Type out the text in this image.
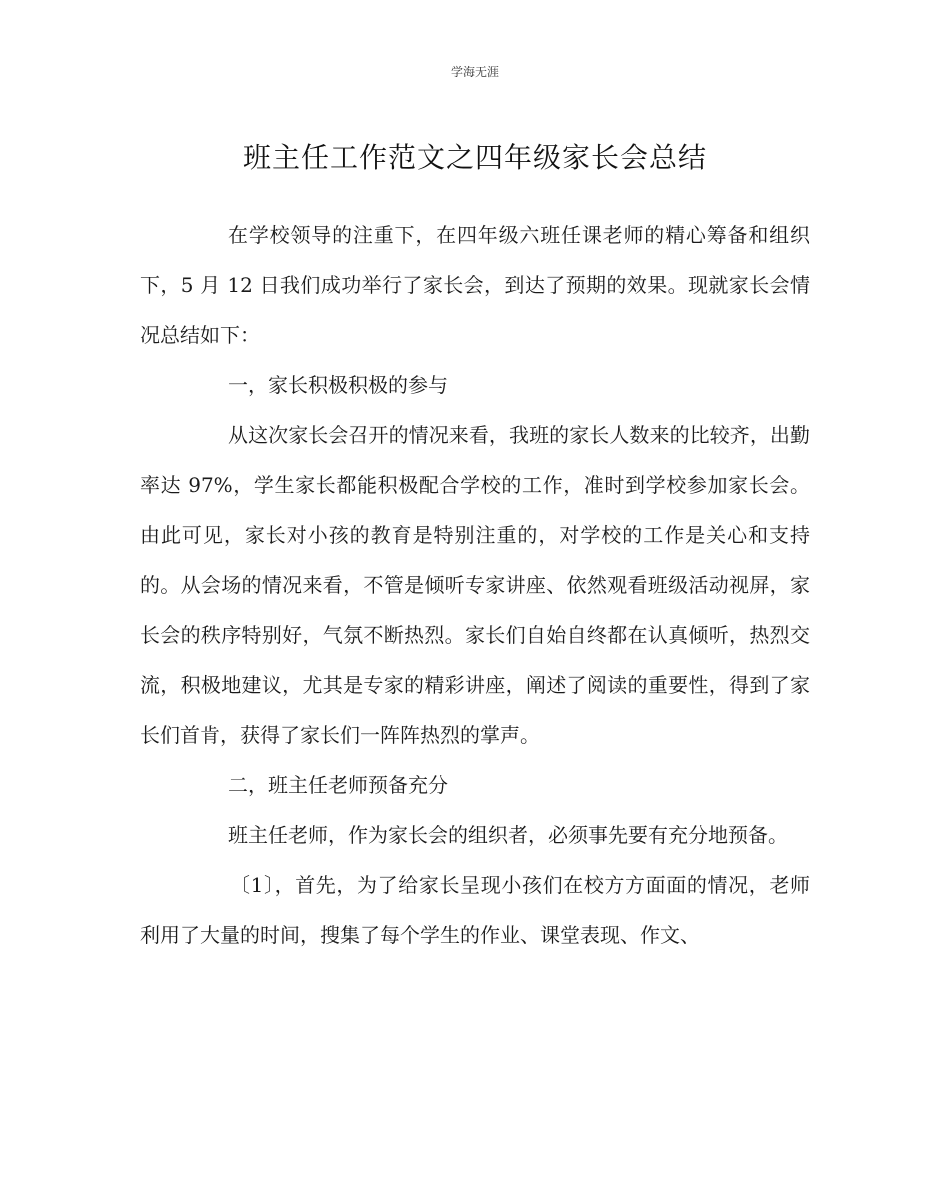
学海无涯
班主任工作范文之四年级家长会总结

在学校领导的注重下，在四年级六班任课老师的精心筹备和组织下，5 月 12 日我们成功举行了家长会，到达了预期的效果。现就家长会情况总结如下：

一，家长积极积极的参与

从这次家长会召开的情况来看，我班的家长人数来的比较齐，出勤率达 97%，学生家长都能积极配合学校的工作，准时到学校参加家长会。由此可见，家长对小孩的教育是特别注重的，对学校的工作是关心和支持的。从会场的情况来看，不管是倾听专家讲座、依然观看班级活动视屏，家长会的秩序特别好，气氛不断热烈。家长们自始自终都在认真倾听，热烈交流，积极地建议，尤其是专家的精彩讲座，阐述了阅读的重要性，得到了家长们首肯，获得了家长们一阵阵热烈的掌声。

二，班主任老师预备充分

班主任老师，作为家长会的组织者，必须事先要有充分地预备。

〔1〕，首先，为了给家长呈现小孩们在校方方面面的情况，老师利用了大量的时间，搜集了每个学生的作业、课堂表现、作文、
